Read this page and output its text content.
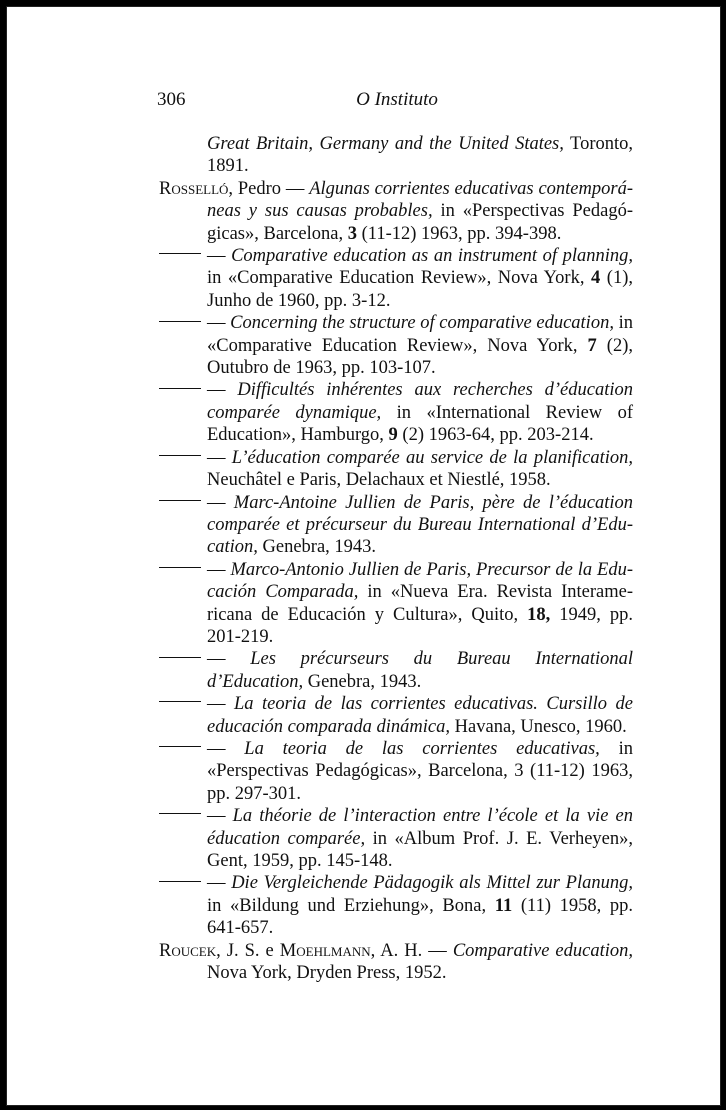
306	O Instituto

Great Britain, Germany and the United States, Toronto, 1891.

Rosselló, Pedro — Algunas corrientes educativas contemporáneas y sus causas probables, in «Perspectivas Pedagógicas», Barcelona, 3 (11-12) 1963, pp. 394-398.

— Comparative education as an instrument of planning, in «Comparative Education Review», Nova York, 4 (1), Junho de 1960, pp. 3-12.

— Concerning the structure of comparative education, in «Comparative Education Review», Nova York, 7 (2), Outubro de 1963, pp. 103-107.

— Difficultés inhérentes aux recherches d’éducation comparée dynamique, in «International Review of Education», Hamburgo, 9 (2) 1963-64, pp. 203-214.

— L’éducation comparée au service de la planification, Neuchâtel e Paris, Delachaux et Niestlé, 1958.

— Marc-Antoine Jullien de Paris, père de l’éducation comparée et précurseur du Bureau International d’Education, Genebra, 1943.

— Marco-Antonio Jullien de Paris, Precursor de la Educación Comparada, in «Nueva Era. Revista Interamericana de Educación y Cultura», Quito, 18, 1949, pp. 201-219.

— Les précurseurs du Bureau International d’Education, Genebra, 1943.

— La teoria de las corrientes educativas. Cursillo de educación comparada dinámica, Havana, Unesco, 1960.

— La teoria de las corrientes educativas, in «Perspectivas Pedagógicas», Barcelona, 3 (11-12) 1963, pp. 297-301.

— La théorie de l’interaction entre l’école et la vie en éducation comparée, in «Album Prof. J. E. Verheyen», Gent, 1959, pp. 145-148.

— Die Vergleichende Pädagogik als Mittel zur Planung, in «Bildung und Erziehung», Bona, 11 (11) 1958, pp. 641-657.

Roucek, J. S. e Moehlmann, A. H. — Comparative education, Nova York, Dryden Press, 1952.
